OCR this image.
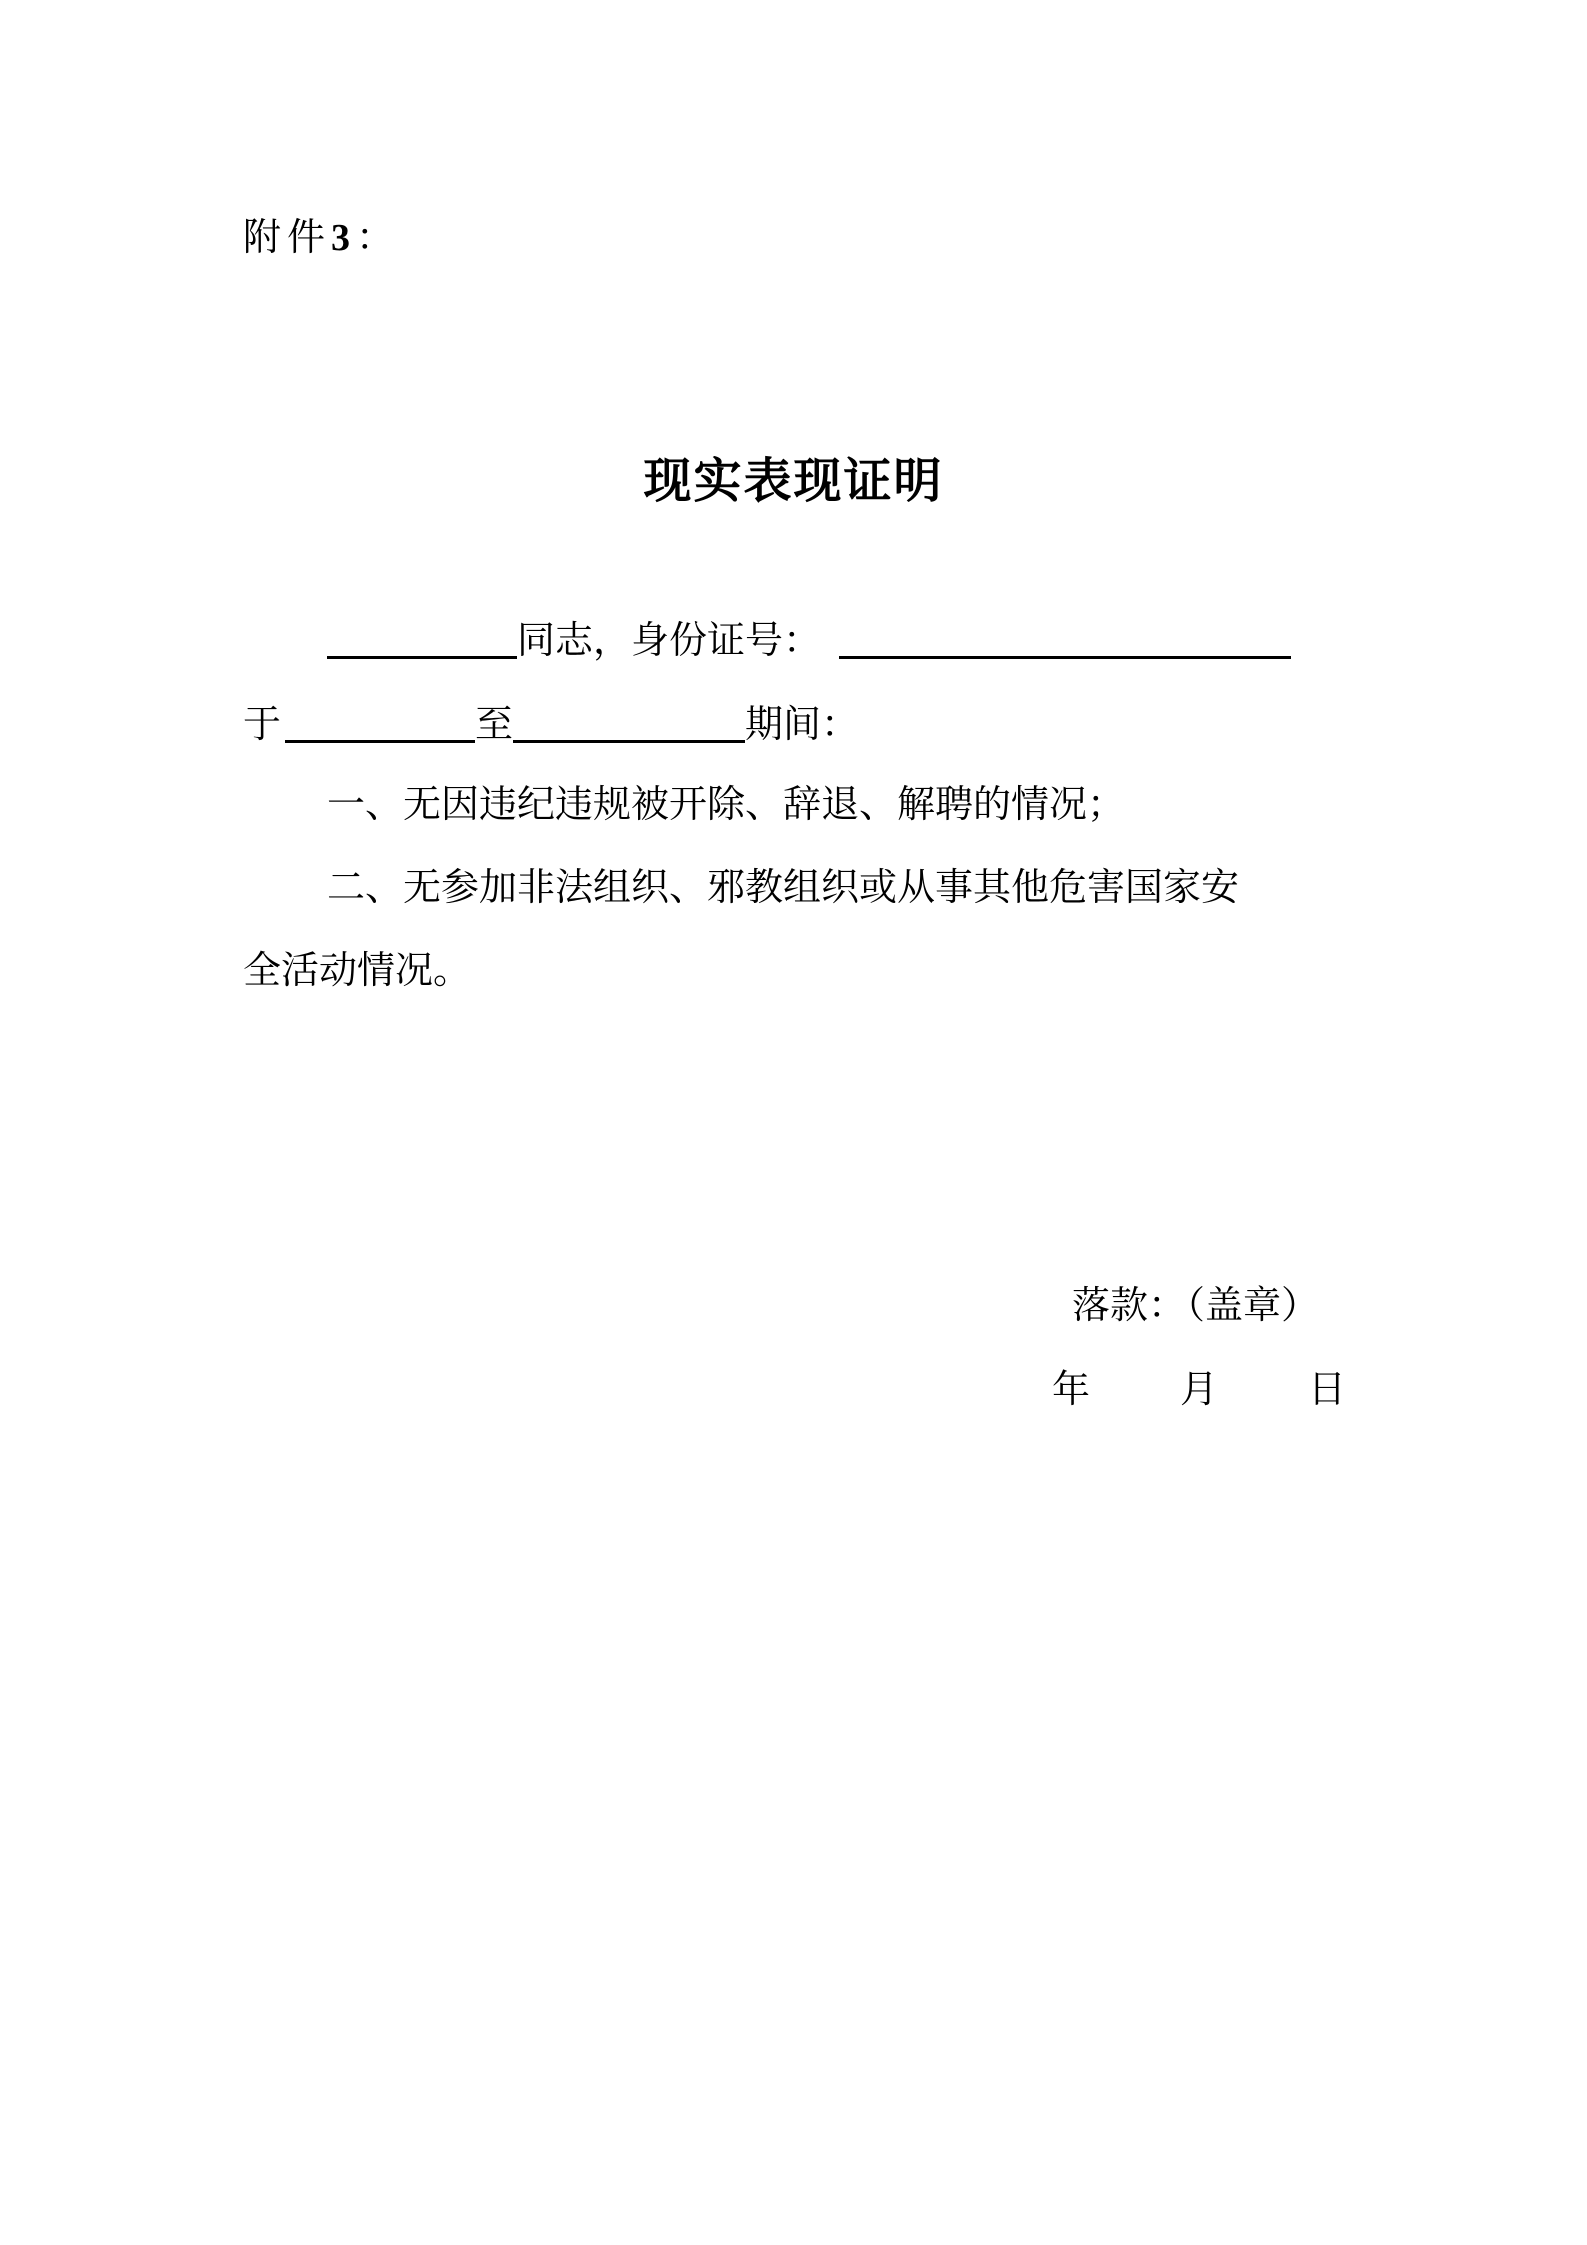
附件3：
现实表现证明
同志，身份证号：
于	至	期间：
一、无因违纪违规被开除、辞退、解聘的情况；
二、无参加非法组织、邪教组织或从事其他危害国家安
全活动情况。
落款：（盖章）
年 月 日
